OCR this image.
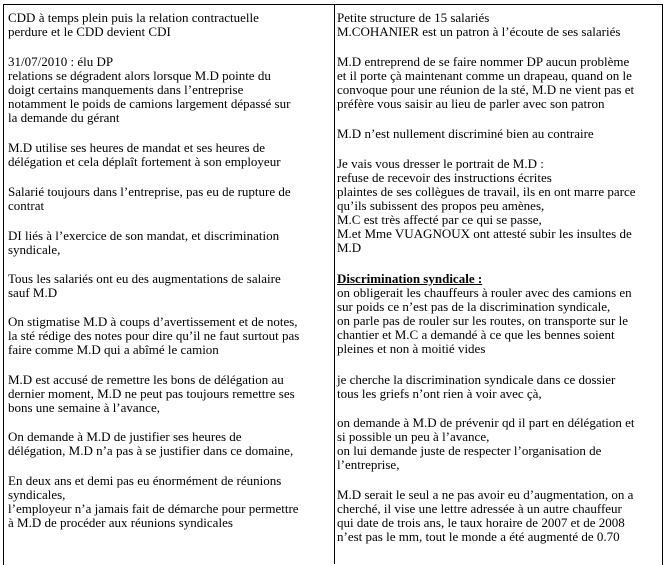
CDD à temps plein puis la relation contractuelle
perdure et le CDD devient CDI
31/07/2010 : élu DP
relations se dégradent alors lorsque M.D pointe du
doigt certains manquements dans l’entreprise
notamment le poids de camions largement dépassé sur
la demande du gérant
M.D utilise ses heures de mandat et ses heures de
délégation et cela déplaît fortement à son employeur
Salarié toujours dans l’entreprise, pas eu de rupture de
contrat
DI liés à l’exercice de son mandat, et discrimination
syndicale,
Tous les salariés ont eu des augmentations de salaire
sauf M.D
On stigmatise M.D à coups d’avertissement et de notes,
la sté rédige des notes pour dire qu’il ne faut surtout pas
faire comme M.D qui a abîmé le camion
M.D est accusé de remettre les bons de délégation au
dernier moment, M.D ne peut pas toujours remettre ses
bons une semaine à l’avance,
On demande à M.D de justifier ses heures de
délégation, M.D n’a pas à se justifier dans ce domaine,
En deux ans et demi pas eu énormément de réunions
syndicales,
l’employeur n’a jamais fait de démarche pour permettre
à M.D de procéder aux réunions syndicales
Petite structure de 15 salariés
M.COHANIER est un patron à l’écoute de ses salariés
M.D entreprend de se faire nommer DP aucun problème
et il porte çà maintenant comme un drapeau, quand on le
convoque pour une réunion de la sté, M.D ne vient pas et
préfère vous saisir au lieu de parler avec son patron
M.D n’est nullement discriminé bien au contraire
Je vais vous dresser le portrait de M.D :
refuse de recevoir des instructions écrites
plaintes de ses collègues de travail, ils en ont marre parce
qu’ils subissent des propos peu amènes,
M.C est très affecté par ce qui se passe,
M.et Mme VUAGNOUX ont attesté subir les insultes de
M.D
Discrimination syndicale :
on obligerait les chauffeurs à rouler avec des camions en
sur poids ce n’est pas de la discrimination syndicale,
on parle pas de rouler sur les routes, on transporte sur le
chantier et M.C a demandé à ce que les bennes soient
pleines et non à moitié vides
je cherche la discrimination syndicale dans ce dossier
tous les griefs n’ont rien à voir avec çà,
on demande à M.D de prévenir qd il part en délégation et
si possible un peu à l’avance,
on lui demande juste de respecter l’organisation de
l’entreprise,
M.D serait le seul a ne pas avoir eu d’augmentation, on a
cherché, il vise une lettre adressée à un autre chauffeur
qui date de trois ans, le taux horaire de 2007 et de 2008
n’est pas le mm, tout le monde a été augmenté de 0.70
